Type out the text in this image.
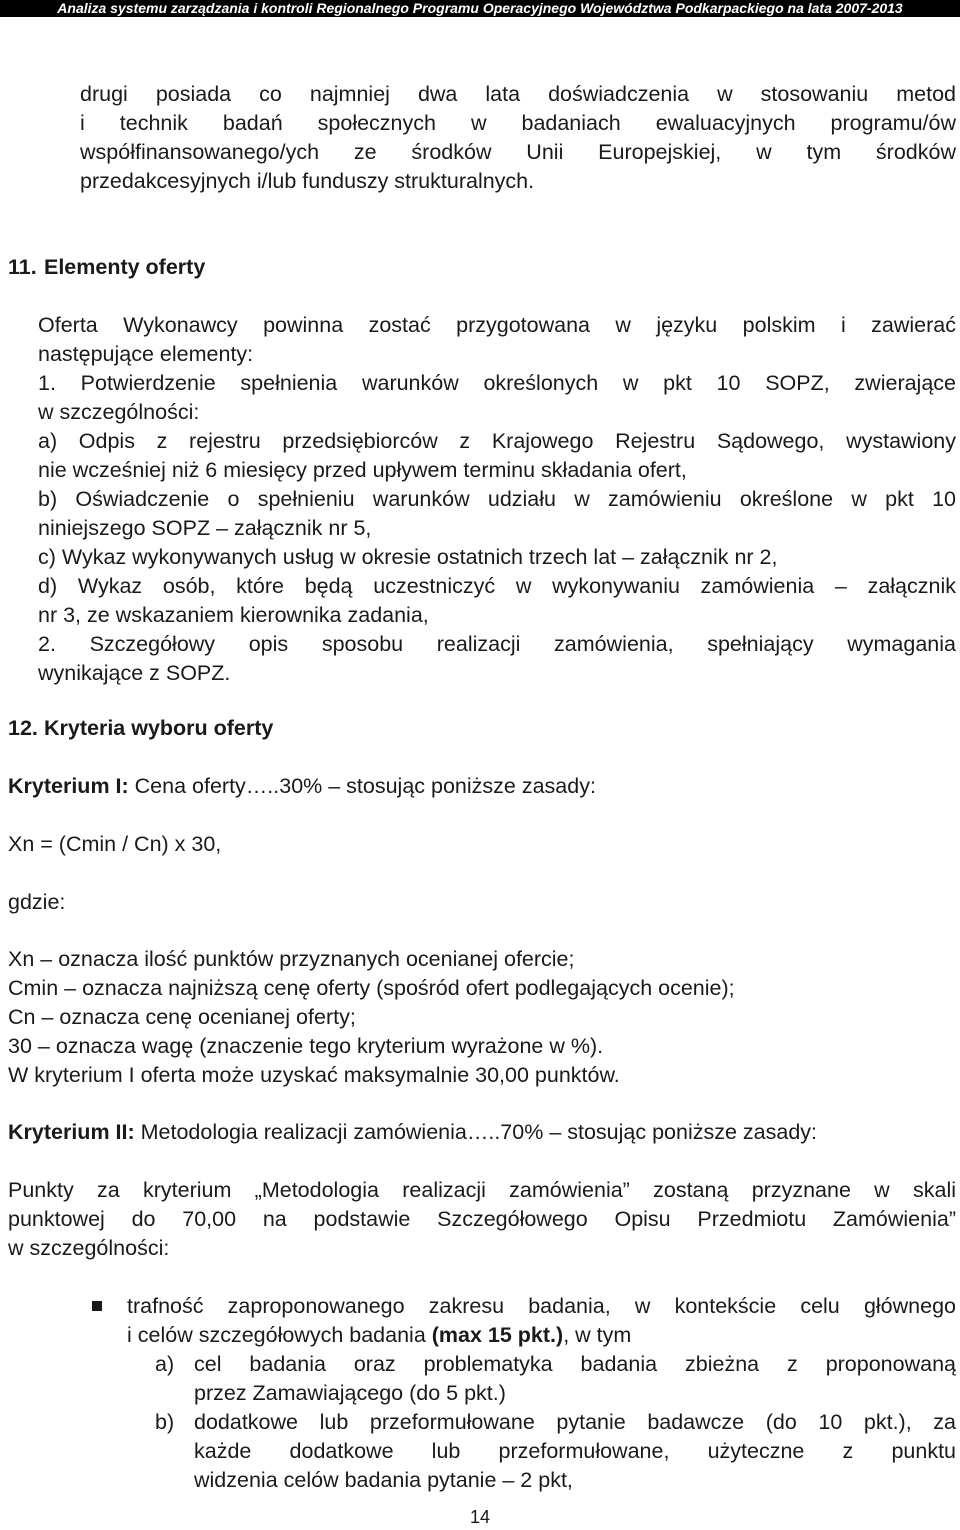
Analiza systemu zarządzania i kontroli Regionalnego Programu Operacyjnego Województwa Podkarpackiego na lata 2007-2013
drugi posiada co najmniej dwa lata doświadczenia w stosowaniu metod
i technik badań społecznych w badaniach ewaluacyjnych programu/ów
współfinansowanego/ych ze środków Unii Europejskiej, w tym środków
przedakcesyjnych i/lub funduszy strukturalnych.
11. Elementy oferty
Oferta Wykonawcy powinna zostać przygotowana w języku polskim i zawierać
następujące elementy:
1. Potwierdzenie spełnienia warunków określonych w pkt 10 SOPZ, zwierające
w szczególności:
a) Odpis z rejestru przedsiębiorców z Krajowego Rejestru Sądowego, wystawiony
nie wcześniej niż 6 miesięcy przed upływem terminu składania ofert,
b) Oświadczenie o spełnieniu warunków udziału w zamówieniu określone w pkt 10
niniejszego SOPZ – załącznik nr 5,
c) Wykaz wykonywanych usług w okresie ostatnich trzech lat – załącznik nr 2,
d) Wykaz osób, które będą uczestniczyć w wykonywaniu zamówienia – załącznik
nr 3, ze wskazaniem kierownika zadania,
2. Szczegółowy opis sposobu realizacji zamówienia, spełniający wymagania
wynikające z SOPZ.
12. Kryteria wyboru oferty
Kryterium I: Cena oferty…..30% – stosując poniższe zasady:
Xn = (Cmin / Cn) x 30,
gdzie:
Xn – oznacza ilość punktów przyznanych ocenianej ofercie;
Cmin – oznacza najniższą cenę oferty (spośród ofert podlegających ocenie);
Cn – oznacza cenę ocenianej oferty;
30 – oznacza wagę (znaczenie tego kryterium wyrażone w %).
W kryterium I oferta może uzyskać maksymalnie 30,00 punktów.
Kryterium II: Metodologia realizacji zamówienia…..70% – stosując poniższe zasady:
Punkty za kryterium „Metodologia realizacji zamówienia” zostaną przyznane w skali
punktowej do 70,00 na podstawie Szczegółowego Opisu Przedmiotu Zamówienia”
w szczególności:
trafność zaproponowanego zakresu badania, w kontekście celu głównego
i celów szczegółowych badania (max 15 pkt.), w tym
a) cel badania oraz problematyka badania zbieżna z proponowaną
przez Zamawiającego (do 5 pkt.)
b) dodatkowe lub przeformułowane pytanie badawcze (do 10 pkt.), za
każde dodatkowe lub przeformułowane, użyteczne z punktu
widzenia celów badania pytanie – 2 pkt,
14
